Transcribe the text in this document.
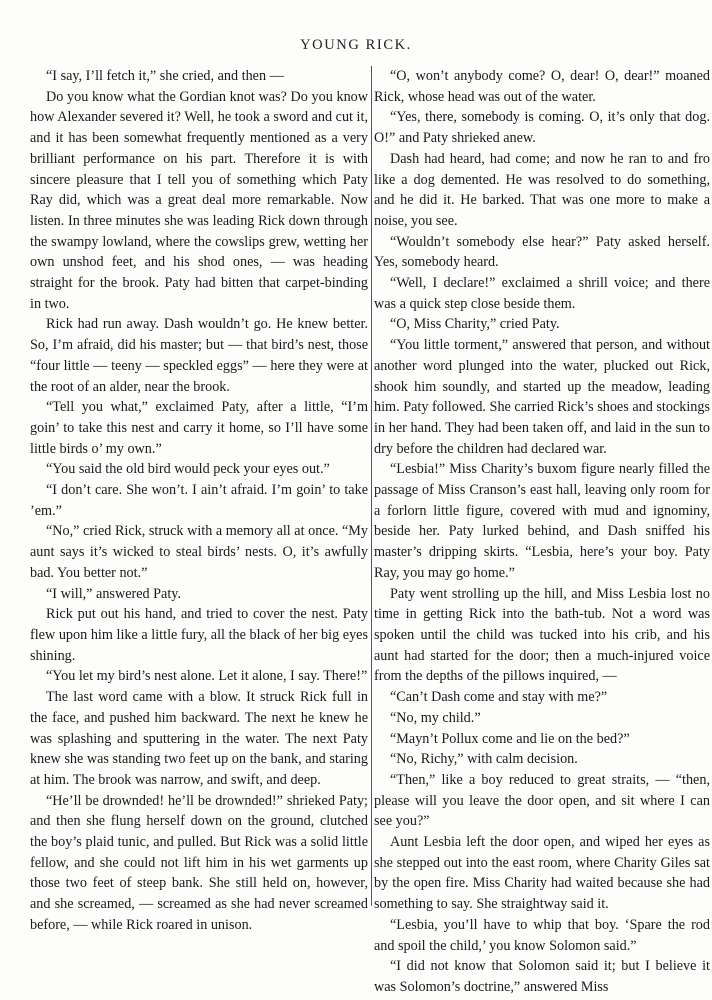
YOUNG RICK.

“I say, I’ll fetch it,” she cried, and then —

Do you know what the Gordian knot was? Do you know how Alexander severed it? Well, he took a sword and cut it, and it has been somewhat frequently mentioned as a very brilliant performance on his part. Therefore it is with sincere pleasure that I tell you of something which Paty Ray did, which was a great deal more remarkable. Now listen. In three minutes she was leading Rick down through the swampy lowland, where the cowslips grew, wetting her own unshod feet, and his shod ones, — was heading straight for the brook. Paty had bitten that carpet-binding in two.

Rick had run away. Dash wouldn’t go. He knew better. So, I’m afraid, did his master; but — that bird’s nest, those “four little — teeny — speckled eggs” — here they were at the root of an alder, near the brook.

“Tell you what,” exclaimed Paty, after a little, “I’m goin’ to take this nest and carry it home, so I’ll have some little birds o’ my own.”

“You said the old bird would peck your eyes out.”

“I don’t care. She won’t. I ain’t afraid. I’m goin’ to take ’em.”

“No,” cried Rick, struck with a memory all at once. “My aunt says it’s wicked to steal birds’ nests. O, it’s awfully bad. You better not.”

“I will,” answered Paty.

Rick put out his hand, and tried to cover the nest. Paty flew upon him like a little fury, all the black of her big eyes shining.

“You let my bird’s nest alone. Let it alone, I say. There!”

The last word came with a blow. It struck Rick full in the face, and pushed him backward. The next he knew he was splashing and sputtering in the water. The next Paty knew she was standing two feet up on the bank, and staring at him. The brook was narrow, and swift, and deep.

“He’ll be drownded! he’ll be drownded!” shrieked Paty; and then she flung herself down on the ground, clutched the boy’s plaid tunic, and pulled. But Rick was a solid little fellow, and she could not lift him in his wet garments up those two feet of steep bank. She still held on, however, and she screamed, — screamed as she had never screamed before, — while Rick roared in unison.

“O, won’t anybody come? O, dear! O, dear!” moaned Rick, whose head was out of the water.

“Yes, there, somebody is coming. O, it’s only that dog. O!” and Paty shrieked anew.

Dash had heard, had come; and now he ran to and fro like a dog demented. He was resolved to do something, and he did it. He barked. That was one more to make a noise, you see.

“Wouldn’t somebody else hear?” Paty asked herself. Yes, somebody heard.

“Well, I declare!” exclaimed a shrill voice; and there was a quick step close beside them.

“O, Miss Charity,” cried Paty.

“You little torment,” answered that person, and without another word plunged into the water, plucked out Rick, shook him soundly, and started up the meadow, leading him. Paty followed. She carried Rick’s shoes and stockings in her hand. They had been taken off, and laid in the sun to dry before the children had declared war.

“Lesbia!” Miss Charity’s buxom figure nearly filled the passage of Miss Cranson’s east hall, leaving only room for a forlorn little figure, covered with mud and ignominy, beside her. Paty lurked behind, and Dash sniffed his master’s dripping skirts. “Lesbia, here’s your boy. Paty Ray, you may go home.”

Paty went strolling up the hill, and Miss Lesbia lost no time in getting Rick into the bath-tub. Not a word was spoken until the child was tucked into his crib, and his aunt had started for the door; then a much-injured voice from the depths of the pillows inquired, —

“Can’t Dash come and stay with me?”

“No, my child.”

“Mayn’t Pollux come and lie on the bed?”

“No, Richy,” with calm decision.

“Then,” like a boy reduced to great straits, — “then, please will you leave the door open, and sit where I can see you?”

Aunt Lesbia left the door open, and wiped her eyes as she stepped out into the east room, where Charity Giles sat by the open fire. Miss Charity had waited because she had something to say. She straightway said it.

“Lesbia, you’ll have to whip that boy. ‘Spare the rod and spoil the child,’ you know Solomon said.”

“I did not know that Solomon said it; but I believe it was Solomon’s doctrine,” answered Miss
